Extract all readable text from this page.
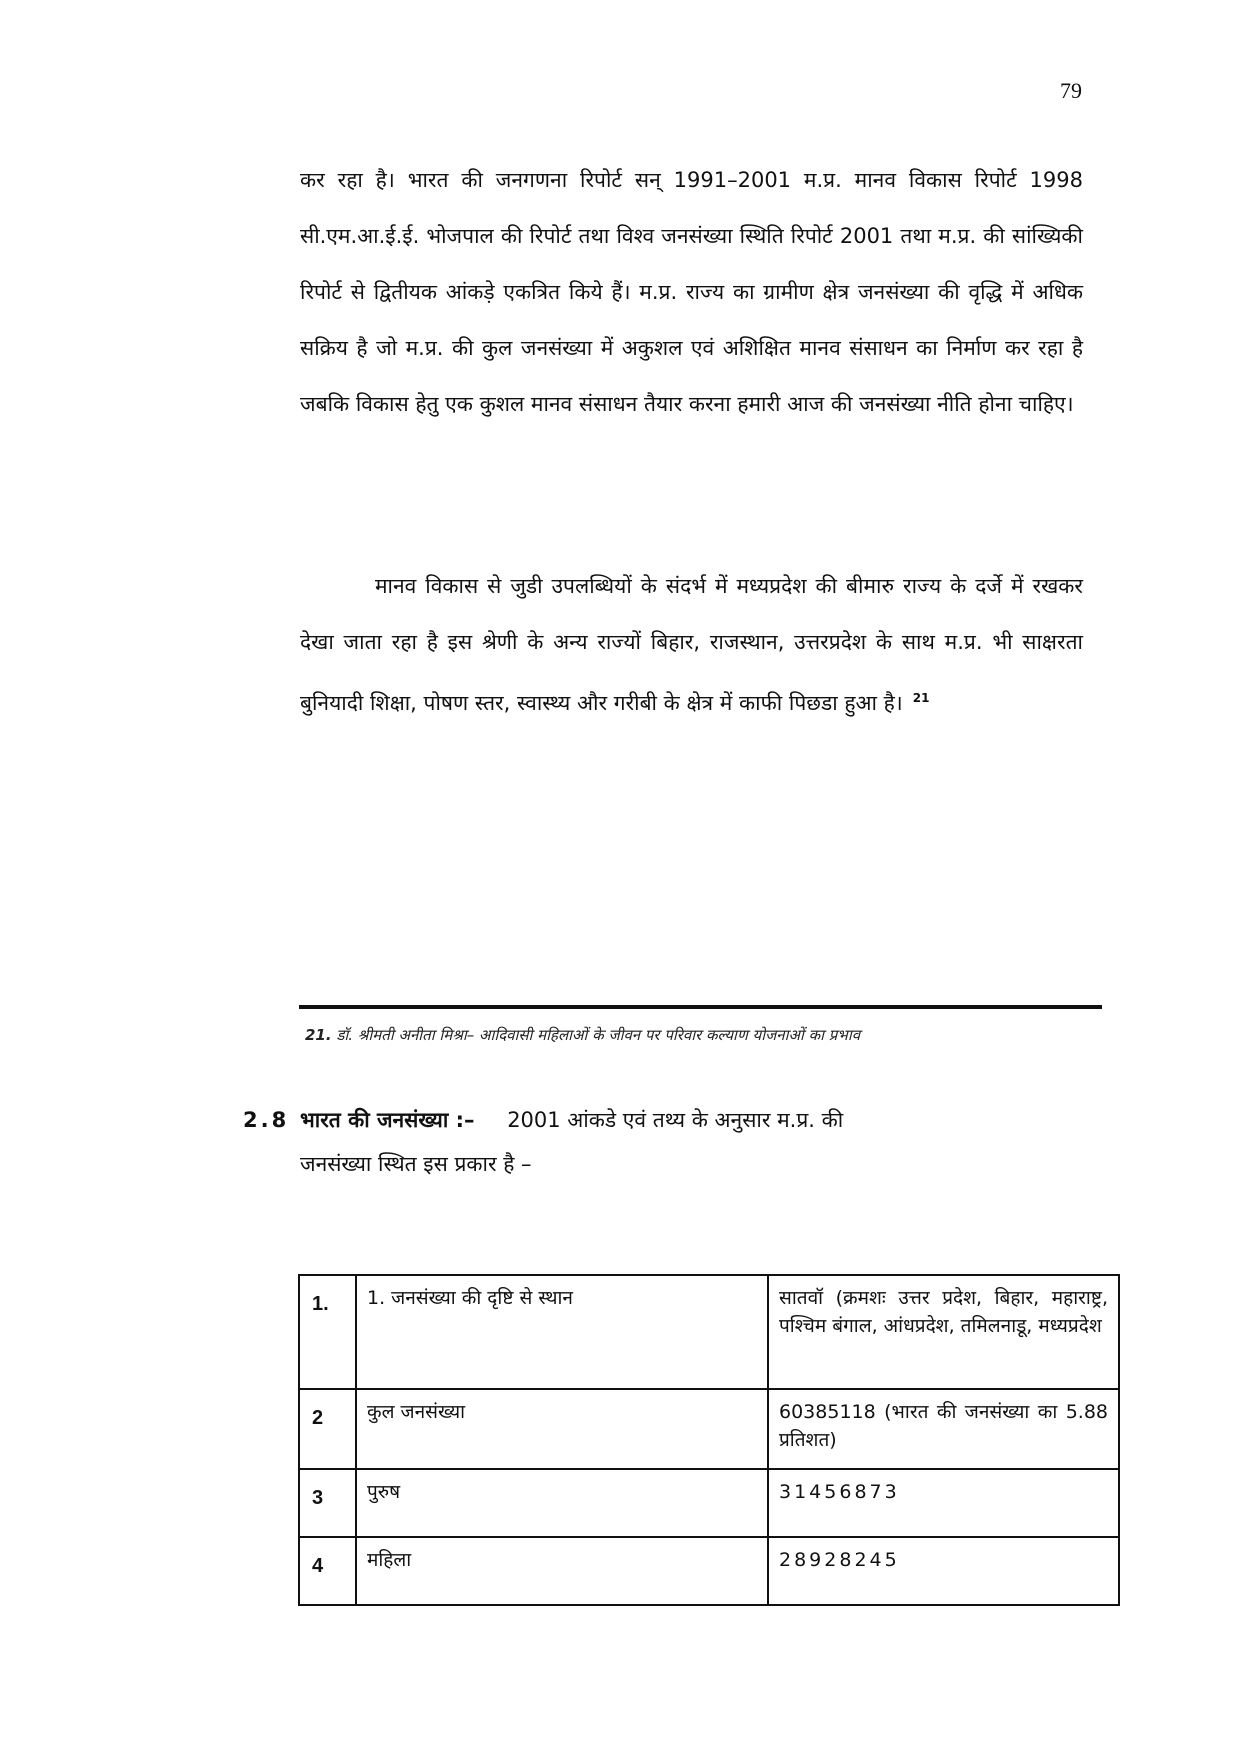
79

कर रहा है। भारत की जनगणना रिपोर्ट सन् 1991–2001 म.प्र. मानव विकास रिपोर्ट 1998 सी.एम.आ.ई.ई. भोजपाल की रिपोर्ट तथा विश्व जनसंख्या स्थिति रिपोर्ट 2001 तथा म.प्र. की सांख्यिकी रिपोर्ट से द्वितीयक आंकड़े एकत्रित किये हैं। म.प्र. राज्य का ग्रामीण क्षेत्र जनसंख्या की वृद्धि में अधिक सक्रिय है जो म.प्र. की कुल जनसंख्या में अकुशल एवं अशिक्षित मानव संसाधन का निर्माण कर रहा है जबकि विकास हेतु एक कुशल मानव संसाधन तैयार करना हमारी आज की जनसंख्या नीति होना चाहिए।

मानव विकास से जुडी उपलब्धियों के संदर्भ में मध्यप्रदेश की बीमारु राज्य के दर्जे में रखकर देखा जाता रहा है इस श्रेणी के अन्य राज्यों बिहार, राजस्थान, उत्तरप्रदेश के साथ म.प्र. भी साक्षरता बुनियादी शिक्षा, पोषण स्तर, स्वास्थ्य और गरीबी के क्षेत्र में काफी पिछडा हुआ है। $^{21}$

21. डॉ. श्रीमती अनीता मिश्रा– आदिवासी महिलाओं के जीवन पर परिवार कल्याण योजनाओं का प्रभाव
2.8 भारत की जनसंख्या :– 2001 आंकडे एवं तथ्य के अनुसार म.प्र. की
जनसंख्या स्थित इस प्रकार है –
1.	1. जनसंख्या की दृष्टि से स्थान	सातवॉ (क्रमशः उत्तर प्रदेश, बिहार, महाराष्ट्र, पश्चिम बंगाल, आंधप्रदेश, तमिलनाडू, मध्यप्रदेश
2	कुल जनसंख्या	60385118 (भारत की जनसंख्या का 5.88 प्रतिशत)
3	पुरुष	31456873
4	महिला	28928245
